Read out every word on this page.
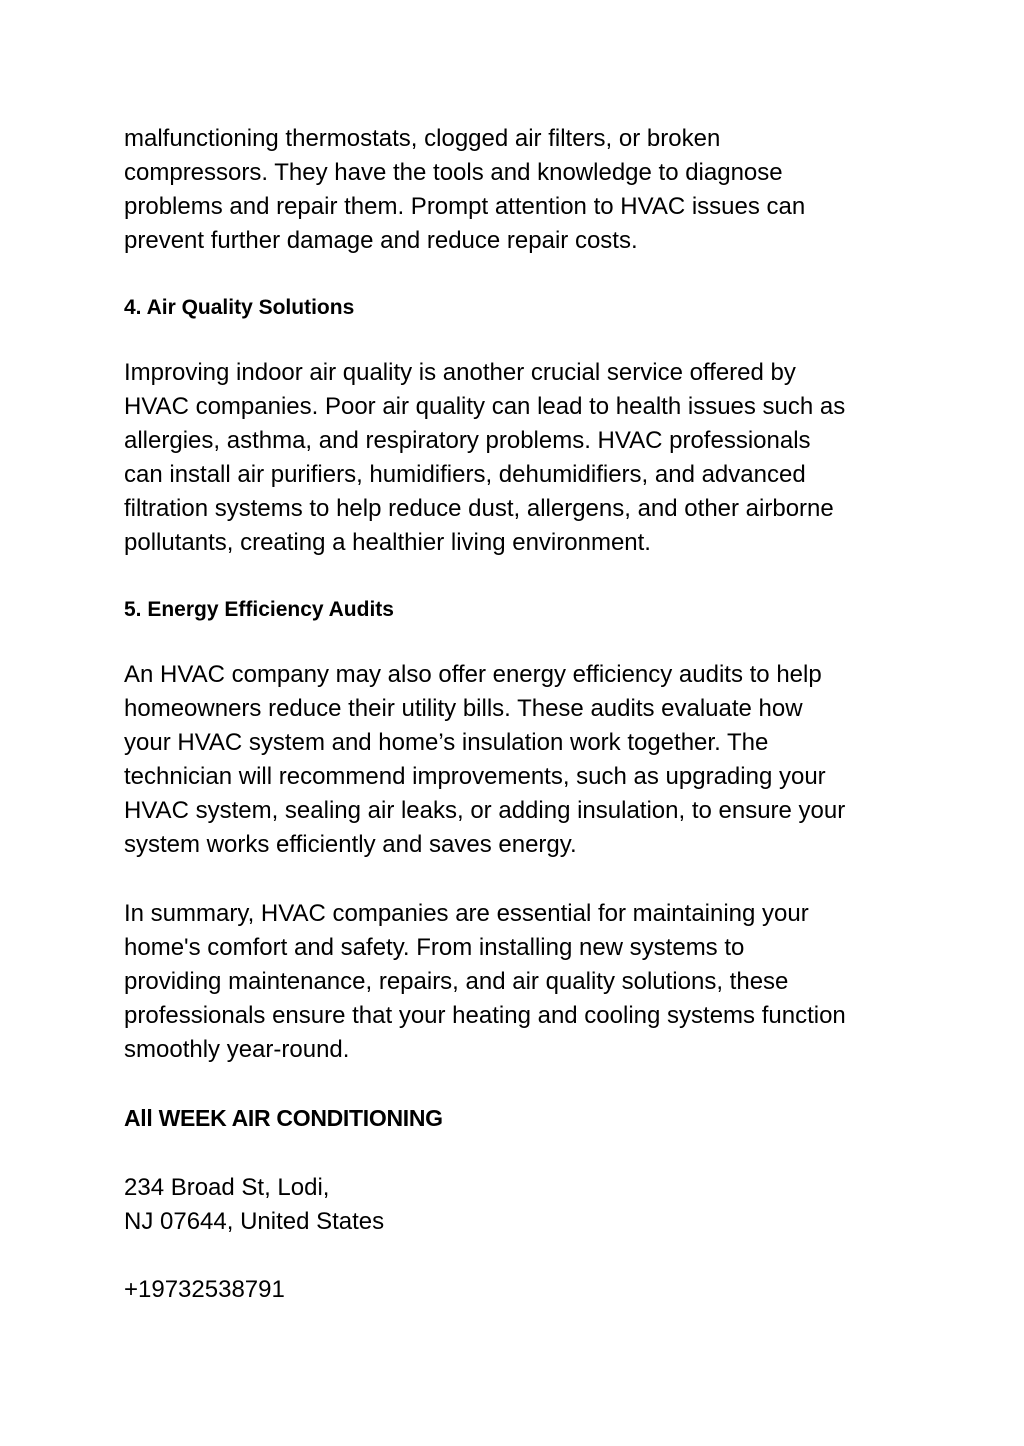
malfunctioning thermostats, clogged air filters, or broken
compressors. They have the tools and knowledge to diagnose
problems and repair them. Prompt attention to HVAC issues can
prevent further damage and reduce repair costs.

4. Air Quality Solutions

Improving indoor air quality is another crucial service offered by
HVAC companies. Poor air quality can lead to health issues such as
allergies, asthma, and respiratory problems. HVAC professionals
can install air purifiers, humidifiers, dehumidifiers, and advanced
filtration systems to help reduce dust, allergens, and other airborne
pollutants, creating a healthier living environment.

5. Energy Efficiency Audits

An HVAC company may also offer energy efficiency audits to help
homeowners reduce their utility bills. These audits evaluate how
your HVAC system and home’s insulation work together. The
technician will recommend improvements, such as upgrading your
HVAC system, sealing air leaks, or adding insulation, to ensure your
system works efficiently and saves energy.

In summary, HVAC companies are essential for maintaining your
home's comfort and safety. From installing new systems to
providing maintenance, repairs, and air quality solutions, these
professionals ensure that your heating and cooling systems function
smoothly year-round.

All WEEK AIR CONDITIONING

234 Broad St, Lodi,
NJ 07644, United States

+19732538791
